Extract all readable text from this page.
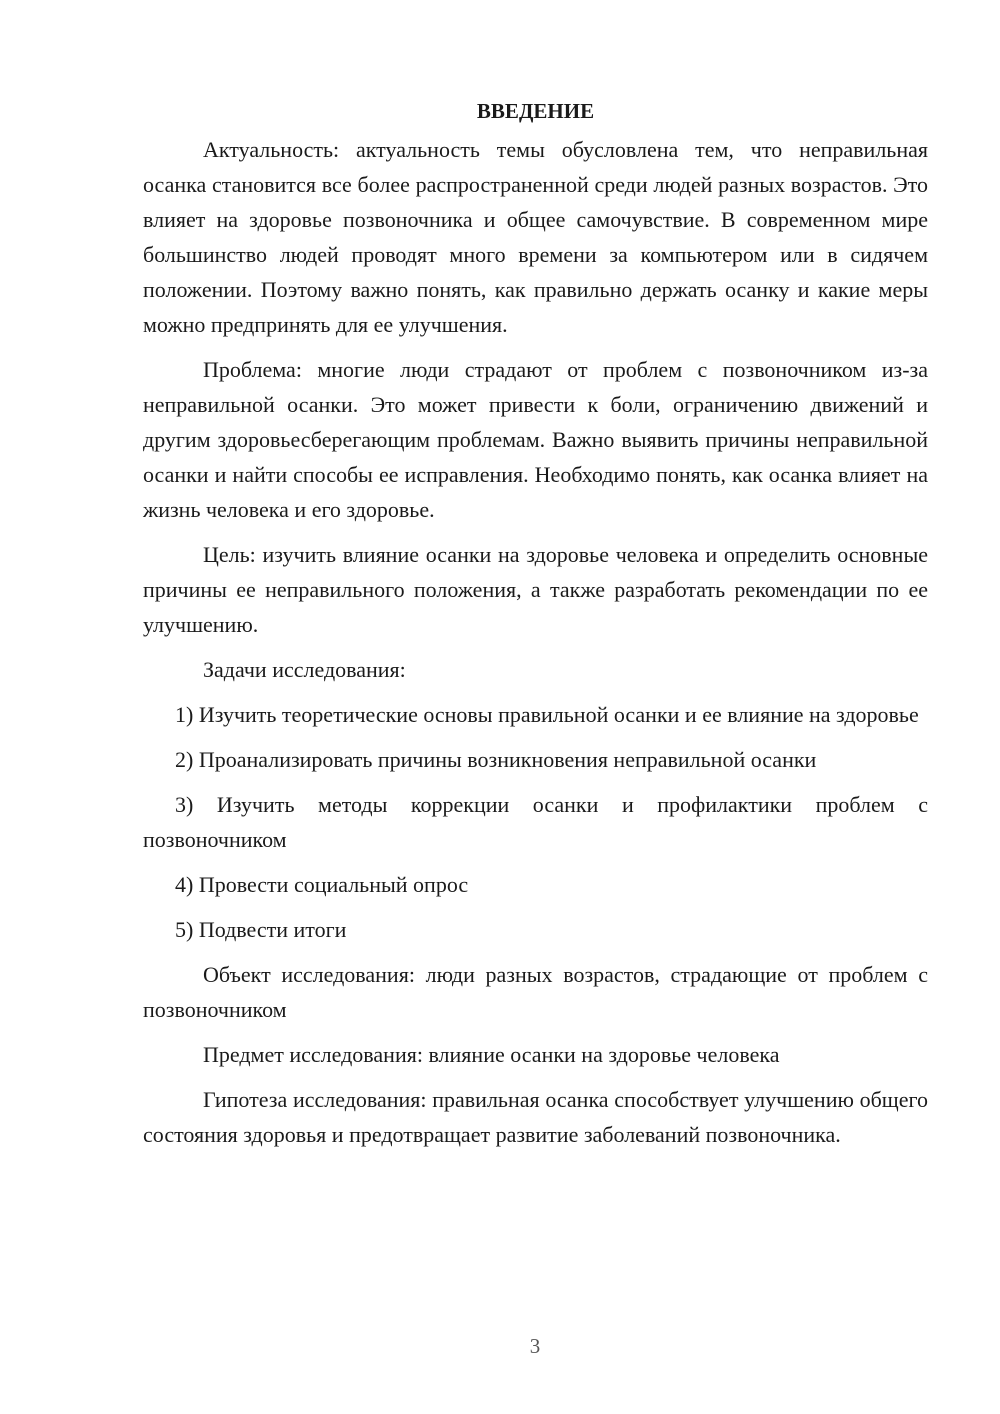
ВВЕДЕНИЕ

Актуальность: актуальность темы обусловлена тем, что неправильная осанка становится все более распространенной среди людей разных возрастов. Это влияет на здоровье позвоночника и общее самочувствие. В современном мире большинство людей проводят много времени за компьютером или в сидячем положении. Поэтому важно понять, как правильно держать осанку и какие меры можно предпринять для ее улучшения.

Проблема: многие люди страдают от проблем с позвоночником из-за неправильной осанки. Это может привести к боли, ограничению движений и другим здоровьесберегающим проблемам. Важно выявить причины неправильной осанки и найти способы ее исправления. Необходимо понять, как осанка влияет на жизнь человека и его здоровье.

Цель: изучить влияние осанки на здоровье человека и определить основные причины ее неправильного положения, а также разработать рекомендации по ее улучшению.

Задачи исследования:

1) Изучить теоретические основы правильной осанки и ее влияние на здоровье

2) Проанализировать причины возникновения неправильной осанки

3) Изучить методы коррекции осанки и профилактики проблем с позвоночником

4) Провести социальный опрос

5) Подвести итоги

Объект исследования: люди разных возрастов, страдающие от проблем с позвоночником

Предмет исследования: влияние осанки на здоровье человека

Гипотеза исследования: правильная осанка способствует улучшению общего состояния здоровья и предотвращает развитие заболеваний позвоночника.

3
